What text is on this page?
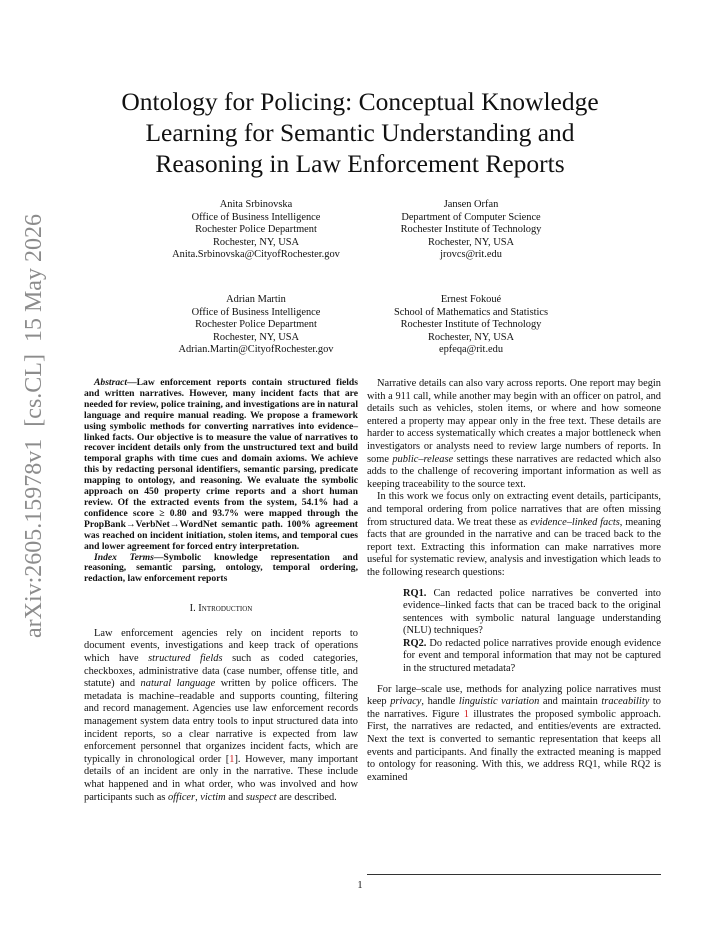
arXiv:2605.15978v1  [cs.CL]  15 May 2026
Ontology for Policing: Conceptual Knowledge
Learning for Semantic Understanding and
Reasoning in Law Enforcement Reports
Anita Srbinovska
Office of Business Intelligence
Rochester Police Department
Rochester, NY, USA
Anita.Srbinovska@CityofRochester.gov
Jansen Orfan
Department of Computer Science
Rochester Institute of Technology
Rochester, NY, USA
jrovcs@rit.edu
Adrian Martin
Office of Business Intelligence
Rochester Police Department
Rochester, NY, USA
Adrian.Martin@CityofRochester.gov
Ernest Fokoué
School of Mathematics and Statistics
Rochester Institute of Technology
Rochester, NY, USA
epfeqa@rit.edu

Abstract—Law enforcement reports contain structured fields and written narratives. However, many incident facts that are needed for review, police training, and investigations are in natural language and require manual reading. We propose a framework using symbolic methods for converting narratives into evidence–linked facts. Our objective is to measure the value of narratives to recover incident details only from the unstructured text and build temporal graphs with time cues and domain axioms. We achieve this by redacting personal identifiers, semantic parsing, predicate mapping to ontology, and reasoning. We evaluate the symbolic approach on 450 property crime reports and a short human review. Of the extracted events from the system, 54.1% had a confidence score ≥ 0.80 and 93.7% were mapped through the PropBank→VerbNet→WordNet semantic path. 100% agreement was reached on incident initiation, stolen items, and temporal cues and lower agreement for forced entry interpretation.

Index Terms—Symbolic knowledge representation and reasoning, semantic parsing, ontology, temporal ordering, redaction, law enforcement reports

I. Introduction

Law enforcement agencies rely on incident reports to document events, investigations and keep track of operations which have structured fields such as coded categories, checkboxes, administrative data (case number, offense title, and statute) and natural language written by police officers. The metadata is machine–readable and supports counting, filtering and record management. Agencies use law enforcement records management system data entry tools to input structured data into incident reports, so a clear narrative is expected from law enforcement personnel that organizes incident facts, which are typically in chronological order [1]. However, many important details of an incident are only in the narrative. These include what happened and in what order, who was involved and how participants such as officer, victim and suspect are described.

Narrative details can also vary across reports. One report may begin with a 911 call, while another may begin with an officer on patrol, and details such as vehicles, stolen items, or where and how someone entered a property may appear only in the free text. These details are harder to access systematically which creates a major bottleneck when investigators or analysts need to review large numbers of reports. In some public–release settings these narratives are redacted which also adds to the challenge of recovering important information as well as keeping traceability to the source text.

In this work we focus only on extracting event details, participants, and temporal ordering from police narratives that are often missing from structured data. We treat these as evidence–linked facts, meaning facts that are grounded in the narrative and can be traced back to the report text. Extracting this information can make narratives more useful for systematic review, analysis and investigation which leads to the following research questions:

RQ1. Can redacted police narratives be converted into evidence–linked facts that can be traced back to the original sentences with symbolic natural language understanding (NLU) techniques?

RQ2. Do redacted police narratives provide enough evidence for event and temporal information that may not be captured in the structured metadata?

For large–scale use, methods for analyzing police narratives must keep privacy, handle linguistic variation and maintain traceability to the narratives. Figure 1 illustrates the proposed symbolic approach. First, the narratives are redacted, and entities/events are extracted. Next the text is converted to semantic representation that keeps all events and participants. And finally the extracted meaning is mapped to ontology for reasoning. With this, we address RQ1, while RQ2 is examined

1
